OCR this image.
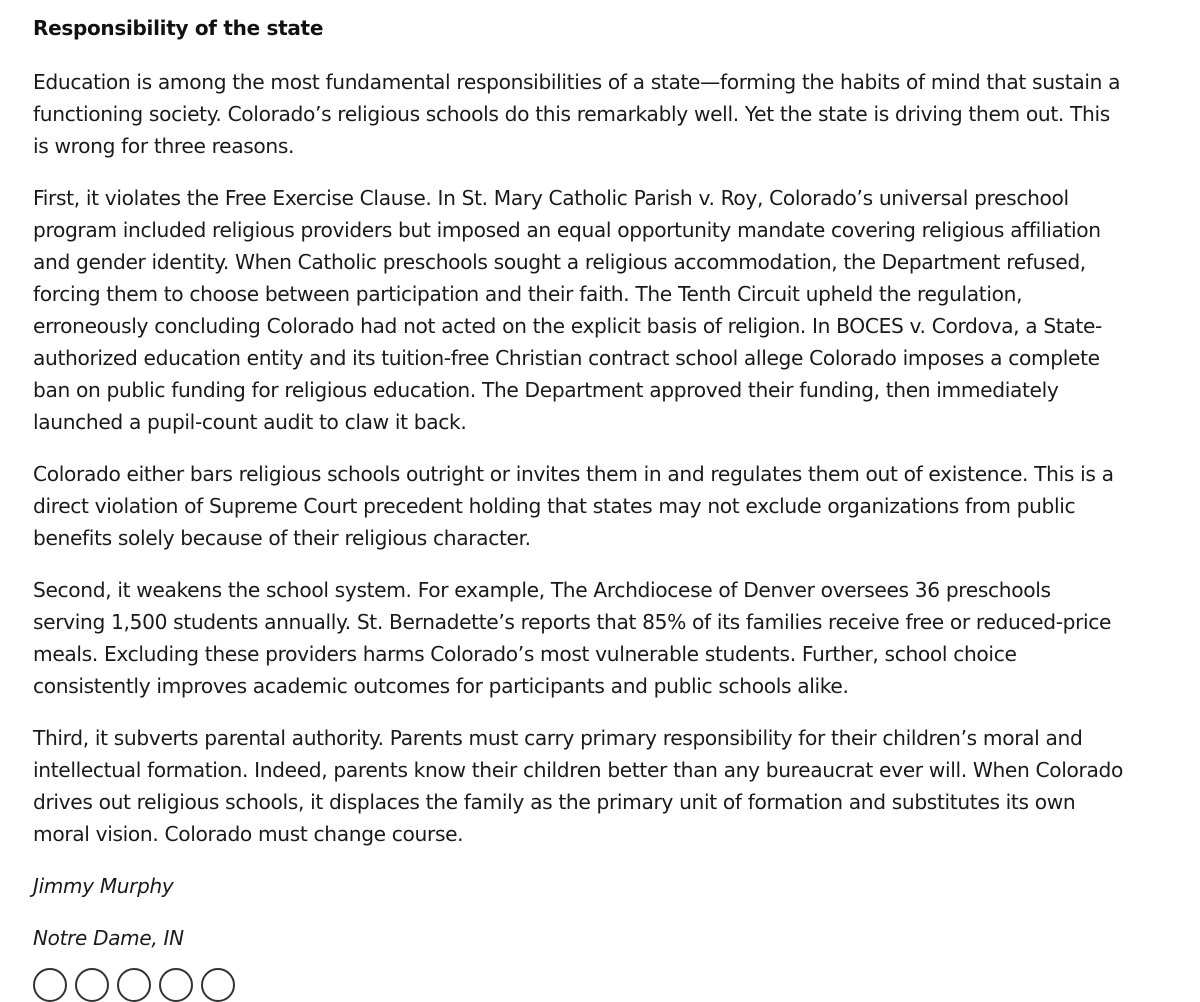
Responsibility of the state

Education is among the most fundamental responsibilities of a state—forming the habits of mind that sustain a functioning society. Colorado’s religious schools do this remarkably well. Yet the state is driving them out. This is wrong for three reasons.

First, it violates the Free Exercise Clause. In St. Mary Catholic Parish v. Roy, Colorado’s universal preschool program included religious providers but imposed an equal opportunity mandate covering religious affiliation and gender identity. When Catholic preschools sought a religious accommodation, the Department refused, forcing them to choose between participation and their faith. The Tenth Circuit upheld the regulation, erroneously concluding Colorado had not acted on the explicit basis of religion. In BOCES v. Cordova, a State-authorized education entity and its tuition-free Christian contract school allege Colorado imposes a complete ban on public funding for religious education. The Department approved their funding, then immediately launched a pupil-count audit to claw it back.

Colorado either bars religious schools outright or invites them in and regulates them out of existence. This is a direct violation of Supreme Court precedent holding that states may not exclude organizations from public benefits solely because of their religious character.

Second, it weakens the school system. For example, The Archdiocese of Denver oversees 36 preschools serving 1,500 students annually. St. Bernadette’s reports that 85% of its families receive free or reduced-price meals. Excluding these providers harms Colorado’s most vulnerable students. Further, school choice consistently improves academic outcomes for participants and public schools alike.

Third, it subverts parental authority. Parents must carry primary responsibility for their children’s moral and intellectual formation. Indeed, parents know their children better than any bureaucrat ever will. When Colorado drives out religious schools, it displaces the family as the primary unit of formation and substitutes its own moral vision. Colorado must change course.

Jimmy Murphy

Notre Dame, IN
